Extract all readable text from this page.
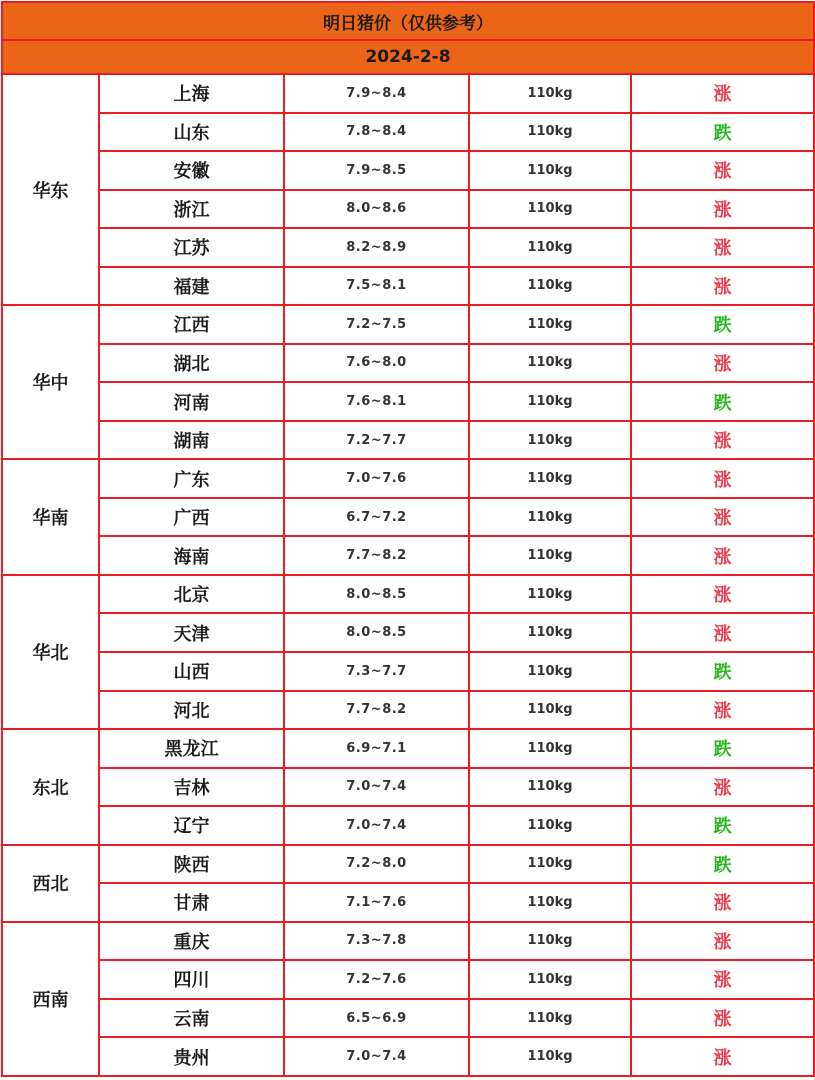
明日猪价（仅供参考）				
2024-2-8				
华东	上海	7.9~8.4	110kg	涨
	山东	7.8~8.4	110kg	跌
	安徽	7.9~8.5	110kg	涨
	浙江	8.0~8.6	110kg	涨
	江苏	8.2~8.9	110kg	涨
	福建	7.5~8.1	110kg	涨
华中	江西	7.2~7.5	110kg	跌
	湖北	7.6~8.0	110kg	涨
	河南	7.6~8.1	110kg	跌
	湖南	7.2~7.7	110kg	涨
华南	广东	7.0~7.6	110kg	涨
	广西	6.7~7.2	110kg	涨
	海南	7.7~8.2	110kg	涨
华北	北京	8.0~8.5	110kg	涨
	天津	8.0~8.5	110kg	涨
	山西	7.3~7.7	110kg	跌
	河北	7.7~8.2	110kg	涨
东北	黑龙江	6.9~7.1	110kg	跌
	吉林	7.0~7.4	110kg	涨
	辽宁	7.0~7.4	110kg	跌
西北	陕西	7.2~8.0	110kg	跌
	甘肃	7.1~7.6	110kg	涨
西南	重庆	7.3~7.8	110kg	涨
	四川	7.2~7.6	110kg	涨
	云南	6.5~6.9	110kg	涨
	贵州	7.0~7.4	110kg	涨
